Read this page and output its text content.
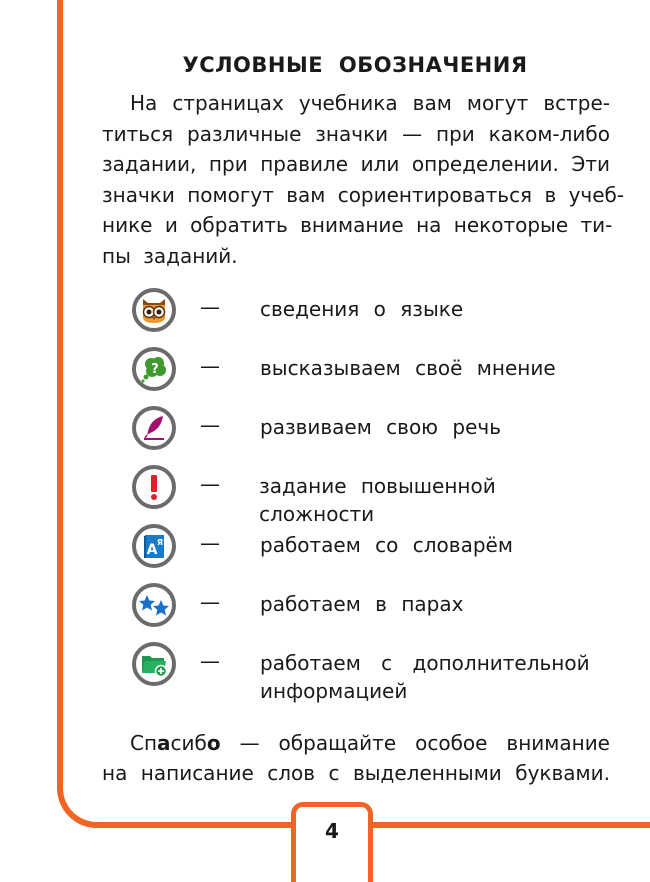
4
УСЛОВНЫЕ ОБОЗНАЧЕНИЯ
На страницах учебника вам могут встре-
титься различные значки — при каком-либо
задании, при правиле или определении. Эти
значки помогут вам сориентироваться в учеб-
нике и обратить внимание на некоторые ти-
пы заданий.
— сведения о языке
? — высказываем своё мнение
— развиваем свою речь
— задание повышенной сложности
A Я — работаем со словарём
— работаем в парах
— работаем с дополнительной
информацией
Спасибо — обращайте особое внимание
на написание слов с выделенными буквами.
